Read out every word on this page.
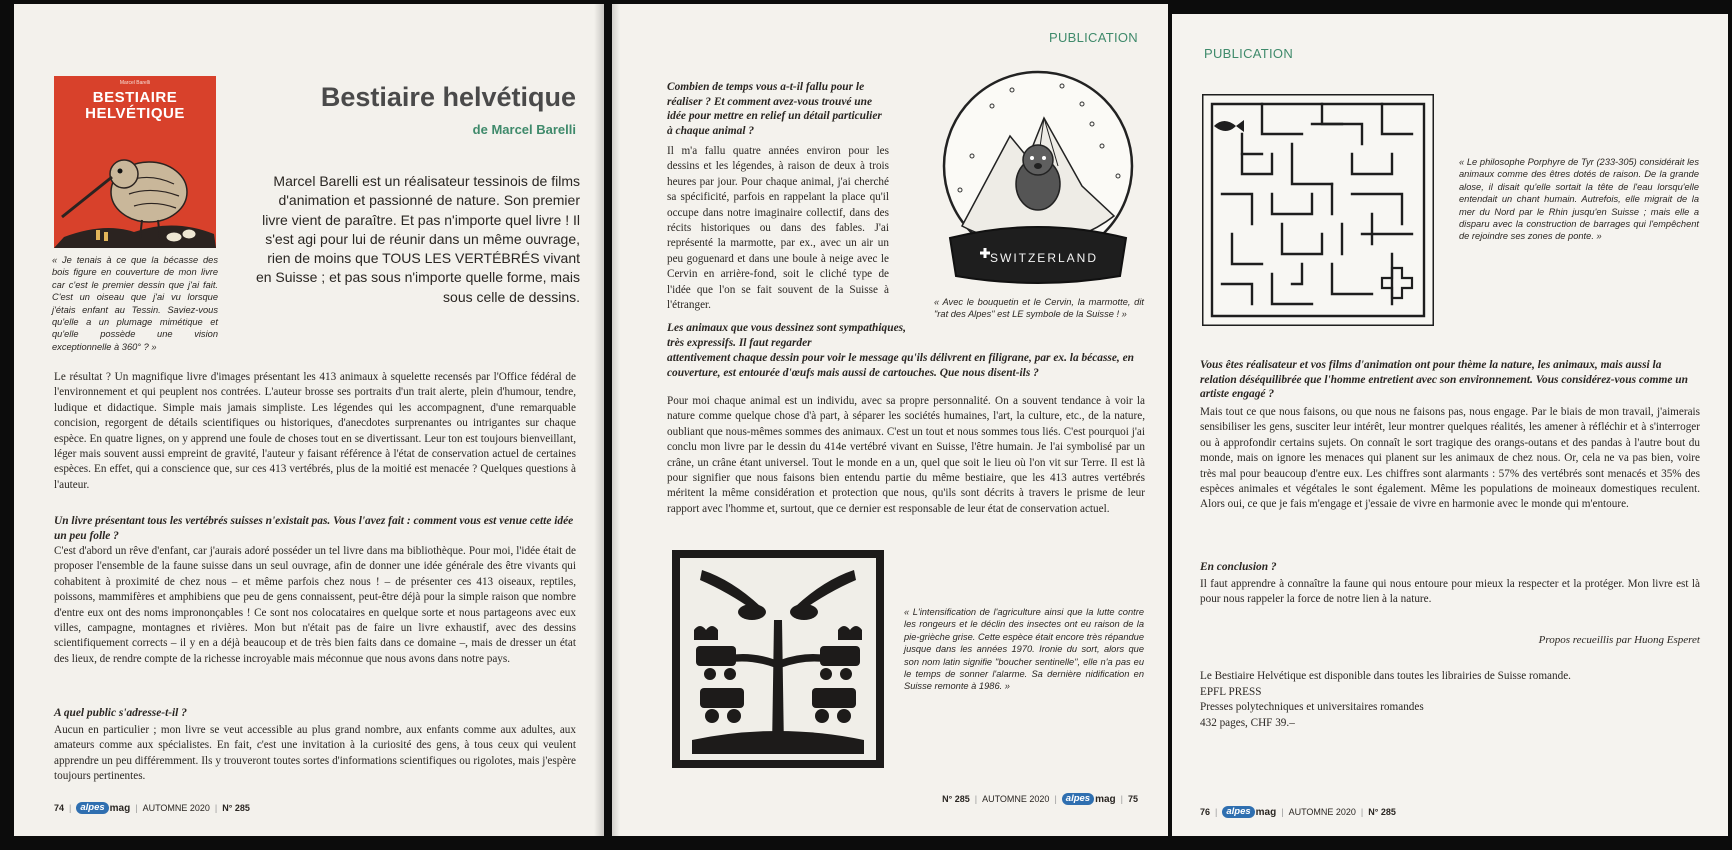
Marcel Barelli
BESTIAIRE
HELVÉTIQUE
« Je tenais à ce que la bécasse des bois figure en couverture de mon livre car c'est le premier dessin que j'ai fait. C'est un oiseau que j'ai vu lorsque j'étais enfant au Tessin. Saviez-vous qu'elle a un plumage mimétique et qu'elle possède une vision exceptionnelle à 360° ? »
Bestiaire helvétique
de Marcel Barelli
Marcel Barelli est un réalisateur tessinois de films d'animation et passionné de nature. Son premier livre vient de paraître. Et pas n'importe quel livre ! Il s'est agi pour lui de réunir dans un même ouvrage, rien de moins que TOUS LES VERTÉBRÉS vivant en Suisse ; et pas sous n'importe quelle forme, mais sous celle de dessins.
Le résultat ? Un magnifique livre d'images présentant les 413 animaux à squelette recensés par l'Office fédéral de l'environnement et qui peuplent nos contrées. L'auteur brosse ses portraits d'un trait alerte, plein d'humour, tendre, ludique et didactique. Simple mais jamais simpliste. Les légendes qui les accompagnent, d'une remarquable concision, regorgent de détails scientifiques ou historiques, d'anecdotes surprenantes ou intrigantes sur chaque espèce. En quatre lignes, on y apprend une foule de choses tout en se divertissant. Leur ton est toujours bienveillant, léger mais souvent aussi empreint de gravité, l'auteur y faisant référence à l'état de conservation actuel de certaines espèces. En effet, qui a conscience que, sur ces 413 vertébrés, plus de la moitié est menacée ? Quelques questions à l'auteur.
Un livre présentant tous les vertébrés suisses n'existait pas. Vous l'avez fait : comment vous est venue cette idée un peu folle ?
C'est d'abord un rêve d'enfant, car j'aurais adoré posséder un tel livre dans ma bibliothèque. Pour moi, l'idée était de proposer l'ensemble de la faune suisse dans un seul ouvrage, afin de donner une idée générale des être vivants qui cohabitent à proximité de chez nous – et même parfois chez nous ! – de présenter ces 413 oiseaux, reptiles, poissons, mammifères et amphibiens que peu de gens connaissent, peut-être déjà pour la simple raison que nombre d'entre eux ont des noms imprononçables ! Ce sont nos colocataires en quelque sorte et nous partageons avec eux villes, campagne, montagnes et rivières. Mon but n'était pas de faire un livre exhaustif, avec des dessins scientifiquement corrects – il y en a déjà beaucoup et de très bien faits dans ce domaine –, mais de dresser un état des lieux, de rendre compte de la richesse incroyable mais méconnue que nous avons dans notre pays.
A quel public s'adresse-t-il ?
Aucun en particulier ; mon livre se veut accessible au plus grand nombre, aux enfants comme aux adultes, aux amateurs comme aux spécialistes. En fait, c'est une invitation à la curiosité des gens, à tous ceux qui veulent apprendre un peu différemment. Ils y trouveront toutes sortes d'informations scientifiques ou rigolotes, mais j'espère toujours pertinentes.
74 | alpes mag | AUTOMNE 2020 | N° 285
PUBLICATION
Combien de temps vous a-t-il fallu pour le réaliser ? Et comment avez-vous trouvé une idée pour mettre en relief un détail particulier à chaque animal ?
Il m'a fallu quatre années environ pour les dessins et les légendes, à raison de deux à trois heures par jour. Pour chaque animal, j'ai cherché sa spécificité, parfois en rappelant la place qu'il occupe dans notre imaginaire collectif, dans des récits historiques ou dans des fables. J'ai représenté la marmotte, par ex., avec un air un peu goguenard et dans une boule à neige avec le Cervin en arrière-fond, soit le cliché type de l'idée que l'on se fait souvent de la Suisse à l'étranger.
SWITZERLAND
« Avec le bouquetin et le Cervin, la marmotte, dit "rat des Alpes" est LE symbole de la Suisse ! »
Les animaux que vous dessinez sont sympathiques, très expressifs. Il faut regarder
attentivement chaque dessin pour voir le message qu'ils délivrent en filigrane, par ex. la bécasse, en couverture, est entourée d'œufs mais aussi de cartouches. Que nous disent-ils ?
Pour moi chaque animal est un individu, avec sa propre personnalité. On a souvent tendance à voir la nature comme quelque chose d'à part, à séparer les sociétés humaines, l'art, la culture, etc., de la nature, oubliant que nous-mêmes sommes des animaux. C'est un tout et nous sommes tous liés. C'est pourquoi j'ai conclu mon livre par le dessin du 414e vertébré vivant en Suisse, l'être humain. Je l'ai symbolisé par un crâne, un crâne étant universel. Tout le monde en a un, quel que soit le lieu où l'on vit sur Terre. Il est là pour signifier que nous faisons bien entendu partie du même bestiaire, que les 413 autres vertébrés méritent la même considération et protection que nous, qu'ils sont décrits à travers le prisme de leur rapport avec l'homme et, surtout, que ce dernier est responsable de leur état de conservation actuel.
« L'intensification de l'agriculture ainsi que la lutte contre les rongeurs et le déclin des insectes ont eu raison de la pie-grièche grise. Cette espèce était encore très répandue jusque dans les années 1970. Ironie du sort, alors que son nom latin signifie "boucher sentinelle", elle n'a pas eu le temps de sonner l'alarme. Sa dernière nidification en Suisse remonte à 1986. »
N° 285 | AUTOMNE 2020 | alpes mag | 75
PUBLICATION
« Le philosophe Porphyre de Tyr (233-305) considérait les animaux comme des êtres dotés de raison. De la grande alose, il disait qu'elle sortait la tête de l'eau lorsqu'elle entendait un chant humain. Autrefois, elle migrait de la mer du Nord par le Rhin jusqu'en Suisse ; mais elle a disparu avec la construction de barrages qui l'empêchent de rejoindre ses zones de ponte. »
Vous êtes réalisateur et vos films d'animation ont pour thème la nature, les animaux, mais aussi la relation déséquilibrée que l'homme entretient avec son environnement. Vous considérez-vous comme un artiste engagé ?
Mais tout ce que nous faisons, ou que nous ne faisons pas, nous engage. Par le biais de mon travail, j'aimerais sensibiliser les gens, susciter leur intérêt, leur montrer quelques réalités, les amener à réfléchir et à s'interroger ou à approfondir certains sujets. On connaît le sort tragique des orangs-outans et des pandas à l'autre bout du monde, mais on ignore les menaces qui planent sur les animaux de chez nous. Or, cela ne va pas bien, voire très mal pour beaucoup d'entre eux. Les chiffres sont alarmants : 57% des vertébrés sont menacés et 35% des espèces animales et végétales le sont également. Même les populations de moineaux domestiques reculent. Alors oui, ce que je fais m'engage et j'essaie de vivre en harmonie avec le monde qui m'entoure.
En conclusion ?
Il faut apprendre à connaître la faune qui nous entoure pour mieux la respecter et la protéger. Mon livre est là pour nous rappeler la force de notre lien à la nature.
Propos recueillis par Huong Esperet
Le Bestiaire Helvétique est disponible dans toutes les librairies de Suisse romande.
EPFL PRESS
Presses polytechniques et universitaires romandes
432 pages, CHF 39.–
76 | alpes mag | AUTOMNE 2020 | N° 285
